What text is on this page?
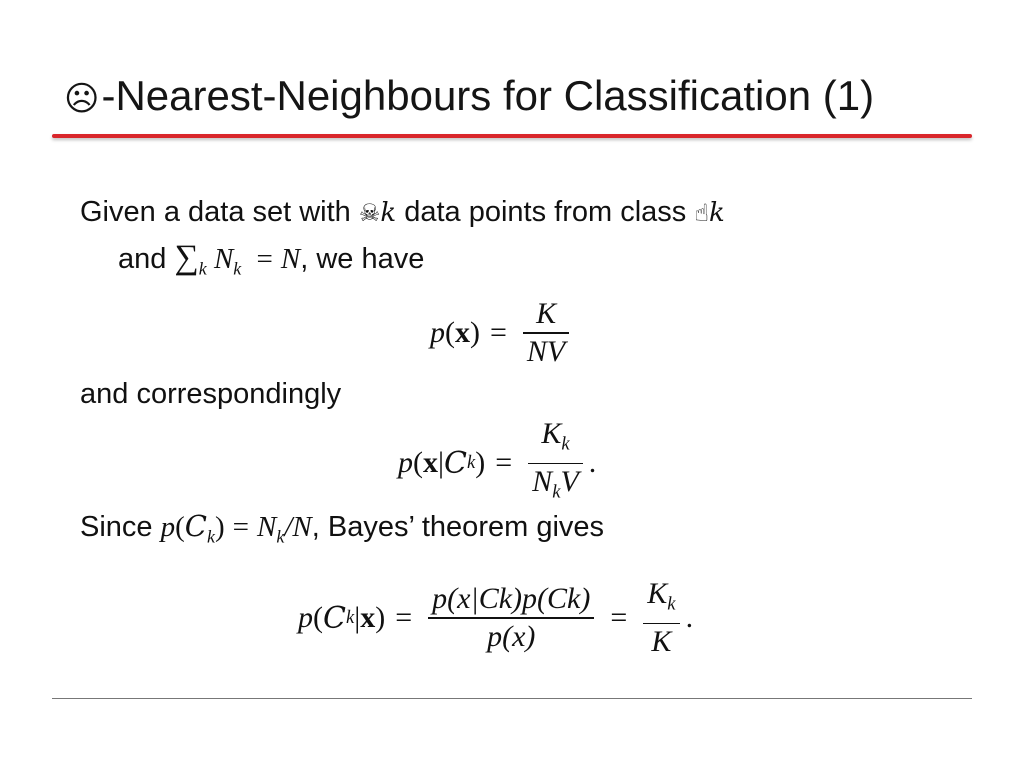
☹-Nearest-Neighbours for Classification (1)
Given a data set with ☠k data points from class ☝k
and $\sum_k$ $N_k = N$, we have
p ( x ) = $\frac{K}{NV}$
and correspondingly
p ( x | C k ) = $\frac{K_k}{N_kV}$ .
Since $p(C_k) = N_k/N$, Bayes’ theorem gives
p ( C k | x ) = $\frac{p(x|Ck)p(Ck)}{p(x)} = \frac{K_k}{K}$ .
